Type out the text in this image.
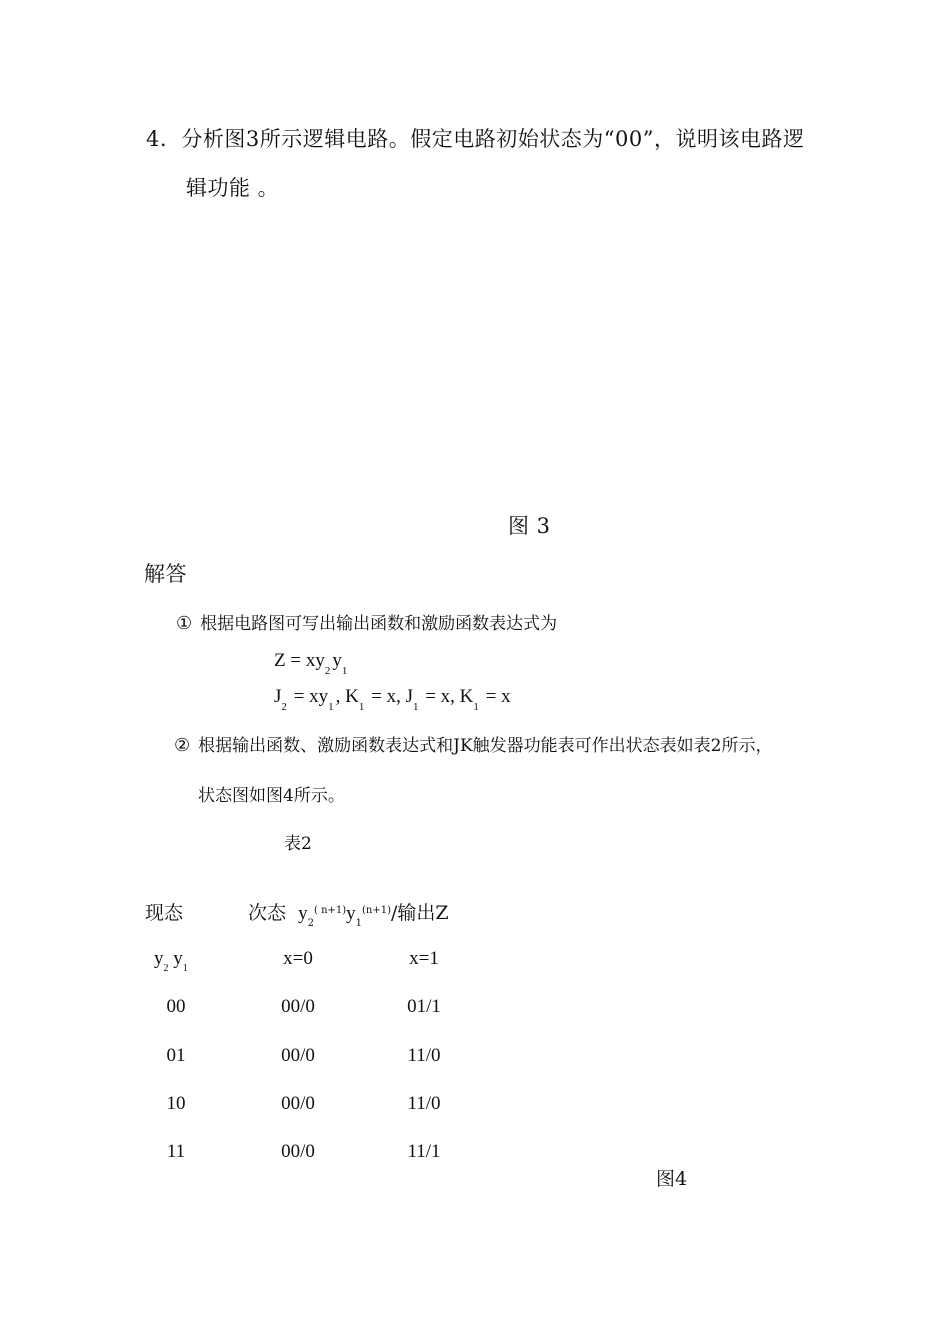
4. 分析图3所示逻辑电路。假定电路初始状态为“00”，说明该电路逻
辑功能 。
图 3
解答
① 根据电路图可写出输出函数和激励函数表达式为
$Z = xy_2$ $y_1$
$J_2 = xy_1$ , $K_1 = x$, $J_1 = x$, $K_1 = x$
② 根据输出函数、激励函数表达式和JK触发器功能表可作出状态表如表2所示，
状态图如图4所示。
表2
现态	次态 $y_2^{( n+1)}y_1^{(n+1)}/$输出Z
$y_2$ $y_1$	x=0	x=1
00	00/0	01/1
01	00/0	11/0
10	00/0	11/0
11	00/0	11/1
图4
